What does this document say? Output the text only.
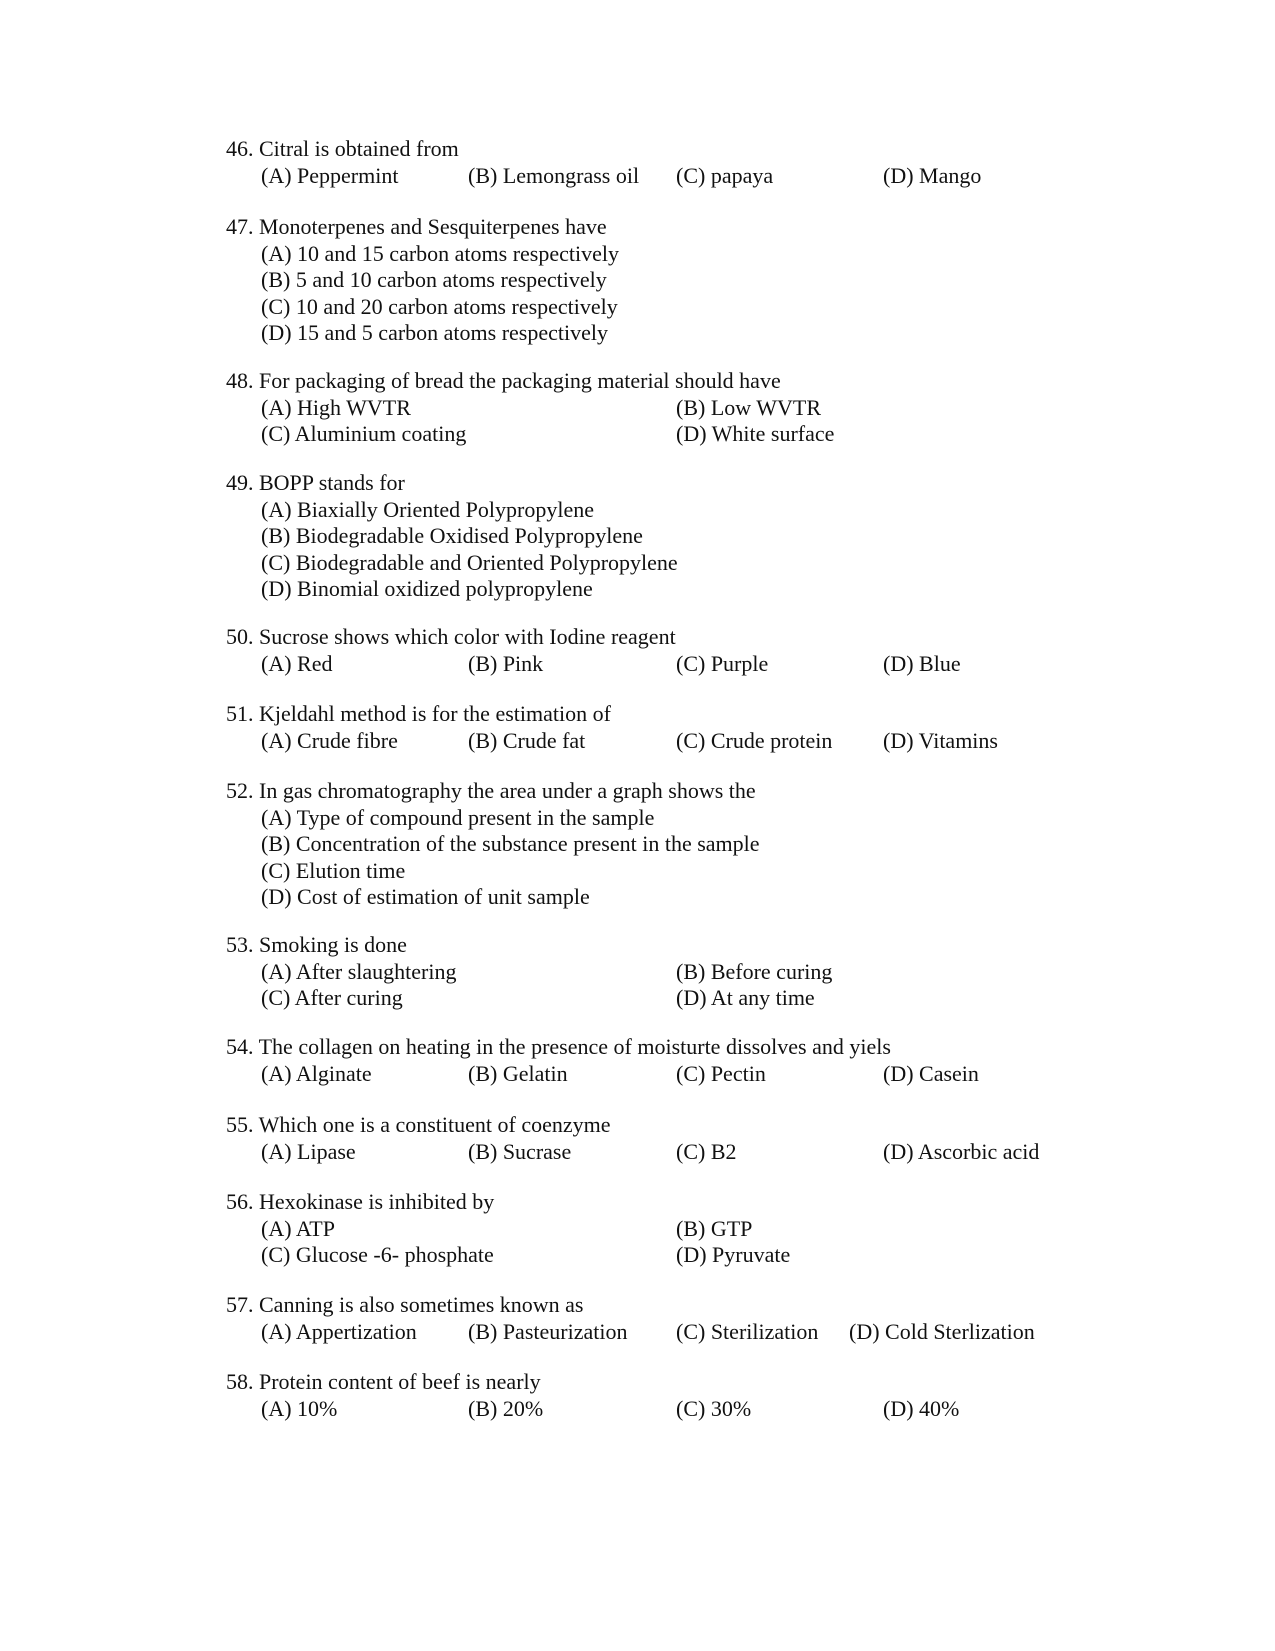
46. Citral is obtained from
(A) Peppermint	(B) Lemongrass oil (C) papaya	(D) Mango
47. Monoterpenes and Sesquiterpenes have
(A) 10 and 15 carbon atoms respectively
(B) 5 and 10 carbon atoms respectively
(C) 10 and 20 carbon atoms respectively
(D) 15 and 5 carbon atoms respectively
48. For packaging of bread the packaging material should have
(A) High WVTR	(B) Low WVTR
(C) Aluminium coating	(D) White surface
49. BOPP stands for
(A) Biaxially Oriented Polypropylene
(B) Biodegradable Oxidised Polypropylene
(C) Biodegradable and Oriented Polypropylene
(D) Binomial oxidized polypropylene
50. Sucrose shows which color with Iodine reagent
(A) Red	(B) Pink	(C) Purple	(D) Blue
51. Kjeldahl method is for the estimation of
(A) Crude fibre	(B) Crude fat	(C) Crude protein (D) Vitamins
52. In gas chromatography the area under a graph shows the
(A) Type of compound present in the sample
(B) Concentration of the substance present in the sample
(C) Elution time
(D) Cost of estimation of unit sample
53. Smoking is done
(A) After slaughtering	(B) Before curing
(C) After curing	(D) At any time
54. The collagen on heating in the presence of moisturte dissolves and yiels
(A) Alginate	(B) Gelatin	(C) Pectin	(D) Casein
55. Which one is a constituent of coenzyme
(A) Lipase	(B) Sucrase	(C) B2	(D) Ascorbic acid
56. Hexokinase is inhibited by
(A) ATP	(B) GTP
(C) Glucose -6- phosphate	(D) Pyruvate
57. Canning is also sometimes known as
(A) Appertization (B) Pasteurization (C) Sterilization (D) Cold Sterlization
58. Protein content of beef is nearly
(A) 10%	(B) 20%	(C) 30%	(D) 40%
